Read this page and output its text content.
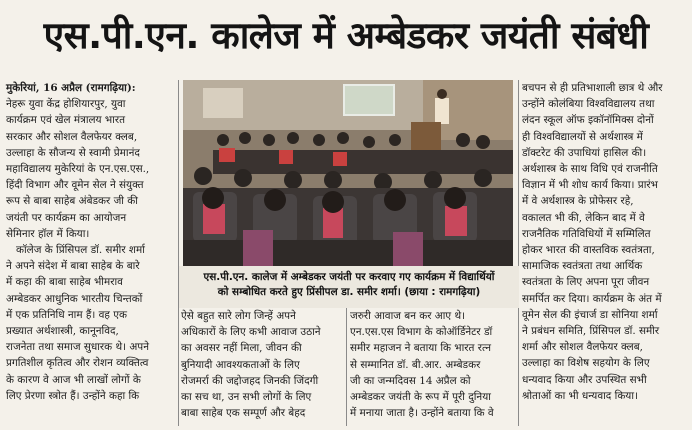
एस.पी.एन. कालेज में अम्बेडकर जयंती संबंधी

मुकेरियां, 16 अप्रैल (रामगढ़िया):

नेहरू युवा केंद्र होशियारपुर, युवा

कार्यक्रम एवं खेल मंत्रालय भारत

सरकार और सोशल वैलफेयर क्लब,

उल्लाहा के सौजन्य से स्वामी प्रेमानंद

महाविद्यालय मुकेरियां के एन.एस.एस.,

हिंदी विभाग और वूमेन सेल ने संयुक्त

रूप से बाबा साहेब अंबेडकर जी की

जयंती पर कार्यक्रम का आयोजन

सेमिनार हॉल में किया।

कॉलेज के प्रिंसिपल डॉ. समीर शर्मा

ने अपने संदेश में बाबा साहेब के बारे

में कहा की बाबा साहेब भीमराव

अम्बेडकर आधुनिक भारतीय चिन्तकों

में एक प्रतिनिधि नाम हैं। वह एक

प्रख्यात अर्थशास्त्री, कानूनविद,

राजनेता तथा समाज सुधारक थे। अपने

प्रगतिशील कृतित्व और रोशन व्यक्तित्व

के कारण वे आज भी लाखों लोगों के

लिए प्रेरणा स्त्रोत हैं। उन्होंने कहा कि

एस.पी.एन. कालेज में अम्बेडकर जयंती पर करवाए गए कार्यक्रम में विद्यार्थियों
को सम्बोधित करते हुए प्रिंसीपल डा. समीर शर्मा। (छाया : रामगढ़िया)

ऐसे बहुत सारे लोग जिन्हें अपने

अधिकारों के लिए कभी आवाज उठाने

का अवसर नहीं मिला, जीवन की

बुनियादी आवश्यकताओं के लिए

रोजमर्रा की जद्दोजहद जिनकी जिंदगी

का सच था, उन सभी लोगों के लिए

बाबा साहेब एक सम्पूर्ण और बेहद

जरुरी आवाज बन कर आए थे।

एन.एस.एस विभाग के कोऑर्डिनेटर डॉ

समीर महाजन ने बताया कि भारत रत्न

से सम्मानित डॉ. बी.आर. अम्बेडकर

जी का जन्मदिवस 14 अप्रैल को

अम्बेडकर जयंती के रूप में पूरी दुनिया

में मनाया जाता है। उन्होंने बताया कि वे

बचपन से ही प्रतिभाशाली छात्र थे और

उन्होंने कोलंबिया विश्वविद्यालय तथा

लंदन स्कूल ऑफ इकॉनॉमिक्स दोनों

ही विश्वविद्यालयों से अर्थशास्त्र में

डॉक्टरेट की उपाधियां हासिल की।

अर्थशास्त्र के साथ विधि एवं राजनीति

विज्ञान में भी शोध कार्य किया। प्रारंभ

में वे अर्थशास्त्र के प्रोफेसर रहे,

वकालत भी की, लेकिन बाद में वे

राजनैतिक गतिविधियों में सम्मिलित

होकर भारत की वास्तविक स्वतंत्रता,

सामाजिक स्वतंत्रता तथा आर्थिक

स्वतंत्रता के लिए अपना पूरा जीवन

समर्पित कर दिया। कार्यक्रम के अंत में

वूमेन सेल की इंचार्ज डा सोनिया शर्मा

ने प्रबंधन समिति, प्रिंसिपल डॉ. समीर

शर्मा और सोशल वैलफेयर क्लब,

उल्लाहा का विशेष सहयोग के लिए

धन्यवाद किया और उपस्थित सभी

श्रोताओं का भी धन्यवाद किया।
